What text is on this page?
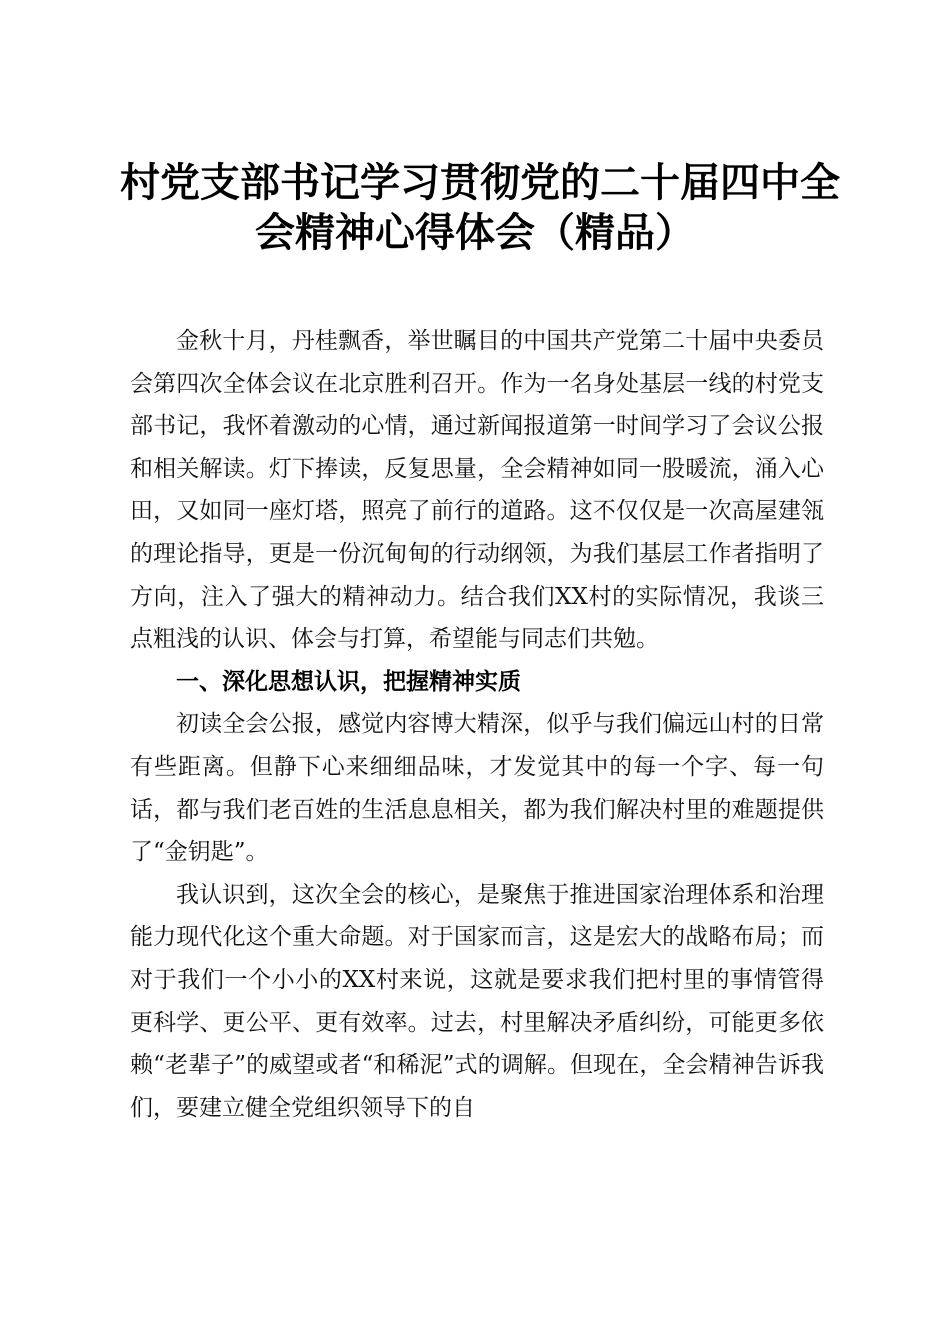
村党支部书记学习贯彻党的二十届四中全
会精神心得体会（精品）

金秋十月，丹桂飘香，举世瞩目的中国共产党第二十届中央委员会第四次全体会议在北京胜利召开。作为一名身处基层一线的村党支部书记，我怀着激动的心情，通过新闻报道第一时间学习了会议公报和相关解读。灯下捧读，反复思量，全会精神如同一股暖流，涌入心田，又如同一座灯塔，照亮了前行的道路。这不仅仅是一次高屋建瓴的理论指导，更是一份沉甸甸的行动纲领，为我们基层工作者指明了方向，注入了强大的精神动力。结合我们XX村的实际情况，我谈三点粗浅的认识、体会与打算，希望能与同志们共勉。

一、深化思想认识，把握精神实质

初读全会公报，感觉内容博大精深，似乎与我们偏远山村的日常有些距离。但静下心来细细品味，才发觉其中的每一个字、每一句话，都与我们老百姓的生活息息相关，都为我们解决村里的难题提供了“金钥匙”。

我认识到，这次全会的核心，是聚焦于推进国家治理体系和治理能力现代化这个重大命题。对于国家而言，这是宏大的战略布局；而对于我们一个小小的XX村来说，这就是要求我们把村里的事情管得更科学、更公平、更有效率。过去，村里解决矛盾纠纷，可能更多依赖“老辈子”的威望或者“和稀泥”式的调解。但现在，全会精神告诉我们，要建立健全党组织领导下的自
